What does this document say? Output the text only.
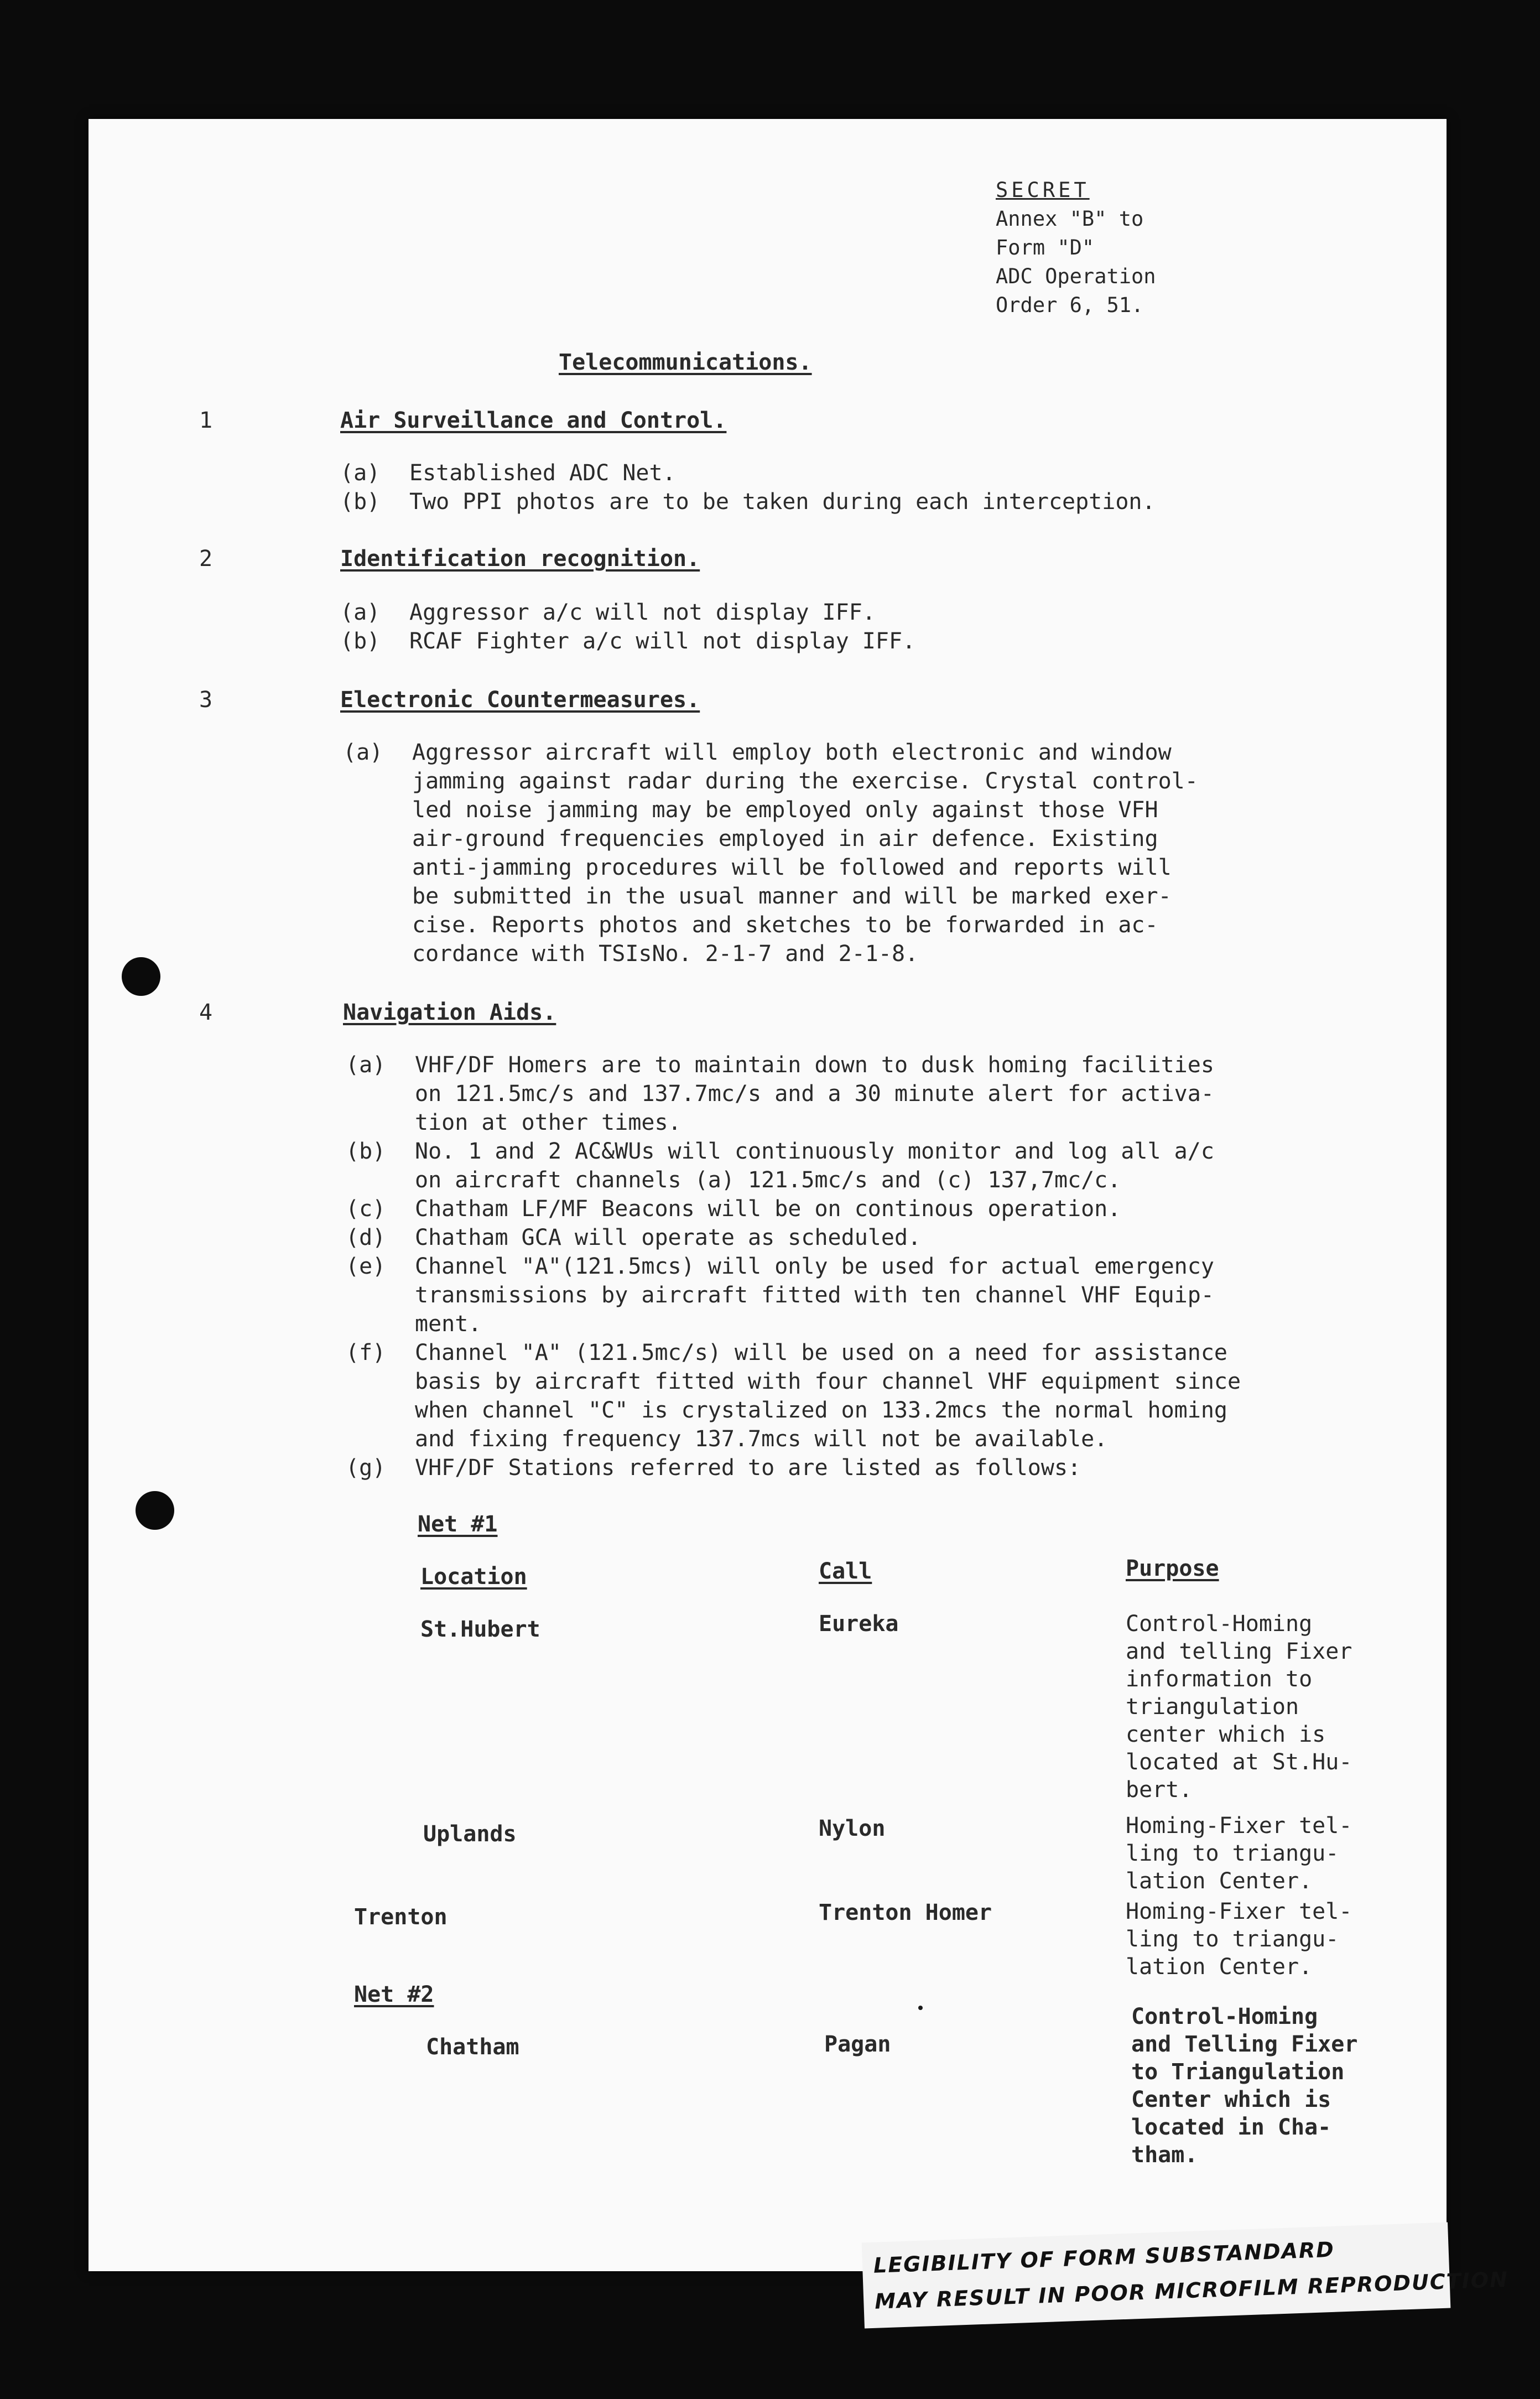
SECRET
Annex "B" to
Form "D"
ADC Operation
Order 6, 51.
Telecommunications.
1	Air Surveillance and Control.
(a) Established ADC Net.
(b) Two PPI photos are to be taken during each interception.
2	Identification recognition.
(a) Aggressor a/c will not display IFF.
(b) RCAF Fighter a/c will not display IFF.
3	Electronic Countermeasures.
(a) Aggressor aircraft will employ both electronic and window
jamming against radar during the exercise. Crystal control-
led noise jamming may be employed only against those VFH
air-ground frequencies employed in air defence. Existing
anti-jamming procedures will be followed and reports will
be submitted in the usual manner and will be marked exer-
cise. Reports photos and sketches to be forwarded in ac-
cordance with TSIsNo. 2-1-7 and 2-1-8.
4	Navigation Aids.
(a) VHF/DF Homers are to maintain down to dusk homing facilities
on 121.5mc/s and 137.7mc/s and a 30 minute alert for activa-
tion at other times.
(b) No. 1 and 2 AC&WUs will continuously monitor and log all a/c
on aircraft channels (a) 121.5mc/s and (c) 137,7mc/c.
(c) Chatham LF/MF Beacons will be on continous operation.
(d) Chatham GCA will operate as scheduled.
(e) Channel "A"(121.5mcs) will only be used for actual emergency
transmissions by aircraft fitted with ten channel VHF Equip-
ment.
(f) Channel "A" (121.5mc/s) will be used on a need for assistance
basis by aircraft fitted with four channel VHF equipment since
when channel "C" is crystalized on 133.2mcs the normal homing
and fixing frequency 137.7mcs will not be available.
(g) VHF/DF Stations referred to are listed as follows:
Net #1
Location	Call	Purpose
St.Hubert	Eureka	Control-Homing
and telling Fixer
information to
triangulation
center which is
located at St.Hu-
bert.
Uplands	Nylon	Homing-Fixer tel-
ling to triangu-
lation Center.
Trenton	Trenton Homer	Homing-Fixer tel-
ling to triangu-
lation Center.
Net #2
Chatham	Pagan
Control-Homing
and Telling Fixer
to Triangulation
Center which is
located in Cha-
tham.
LEGIBILITY OF FORM SUBSTANDARD
MAY RESULT IN POOR MICROFILM REPRODUCTION
